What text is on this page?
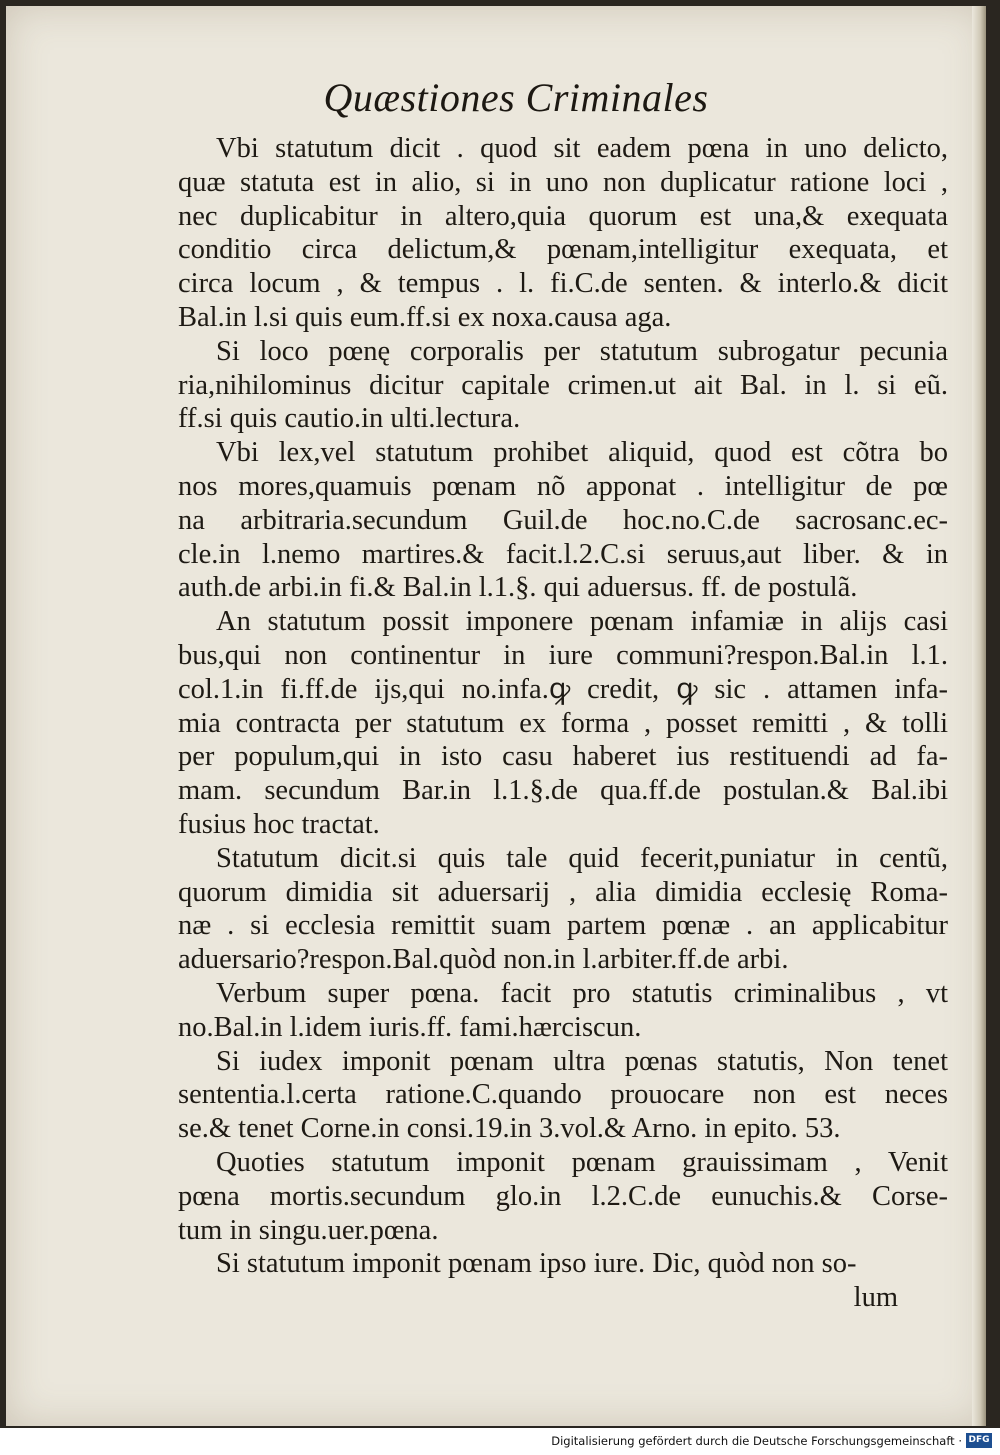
Quæstiones Criminales
Vbi statutum dicit . quod sit eadem pœna in uno delicto,
quæ statuta est in alio, si in uno non duplicatur ratione loci ,
nec duplicabitur in altero,quia quorum est una,& exequata
conditio circa delictum,& pœnam,intelligitur exequata, et
circa locum , & tempus . l. fi.C.de senten. & interlo.& dicit
Bal.in l.si quis eum.ff.si ex noxa.causa aga.
Si loco pœnę corporalis per statutum subrogatur pecunia
ria,nihilominus dicitur capitale crimen.ut ait Bal. in l. si eũ.
ff.si quis cautio.in ulti.lectura.
Vbi lex,vel statutum prohibet aliquid, quod est cõtra bo
nos mores,quamuis pœnam nõ apponat . intelligitur de pœ
na arbitraria.secundum Guil.de hoc.no.C.de sacrosanc.ec-
cle.in l.nemo martires.& facit.l.2.C.si seruus,aut liber. & in
auth.de arbi.in fi.& Bal.in l.1.§. qui aduersus. ff. de postulã.
An statutum possit imponere pœnam infamiæ in alijs casi
bus,qui non continentur in iure communi?respon.Bal.in l.1.
col.1.in fi.ff.de ijs,qui no.infa.ꝙ credit, ꝙ sic . attamen infa-
mia contracta per statutum ex forma , posset remitti , & tolli
per populum,qui in isto casu haberet ius restituendi ad fa-
mam. secundum Bar.in l.1.§.de qua.ff.de postulan.& Bal.ibi
fusius hoc tractat.
Statutum dicit.si quis tale quid fecerit,puniatur in centũ,
quorum dimidia sit aduersarij , alia dimidia ecclesię Roma-
næ . si ecclesia remittit suam partem pœnæ . an applicabitur
aduersario?respon.Bal.quòd non.in l.arbiter.ff.de arbi.
Verbum super pœna. facit pro statutis criminalibus , vt
no.Bal.in l.idem iuris.ff. fami.hærciscun.
Si iudex imponit pœnam ultra pœnas statutis, Non tenet
sententia.l.certa ratione.C.quando prouocare non est neces
se.& tenet Corne.in consi.19.in 3.vol.& Arno. in epito. 53.
Quoties statutum imponit pœnam grauissimam , Venit
pœna mortis.secundum glo.in l.2.C.de eunuchis.& Corse-
tum in singu.uer.pœna.
Si statutum imponit pœnam ipso iure. Dic, quòd non so-
lum
Digitalisierung gefördert durch die Deutsche Forschungsgemeinschaft · DFG
